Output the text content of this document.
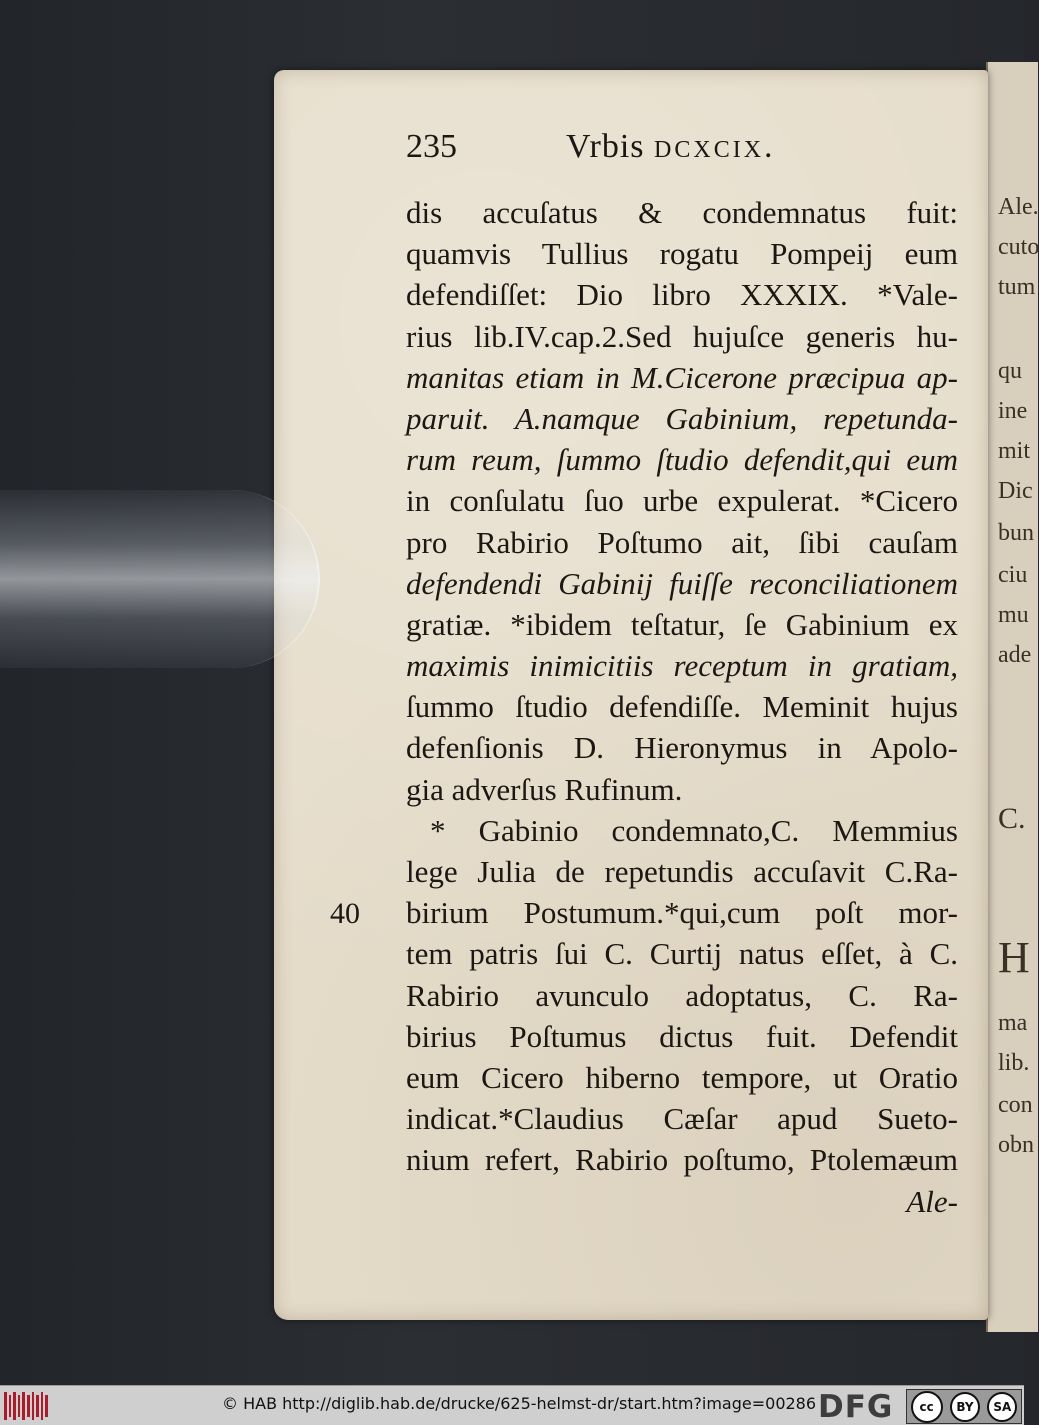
Ale.
cuto
tum
qu
ine
mit
Dic
bun
ciu
mu
ade
C.
H
ma
lib.
con
obn
235	Vrbis dcxcix.
dis accuſatus & condemnatus fuit:
quamvis Tullius rogatu Pompeij eum
defendiſſet: Dio libro XXXIX. *Vale-
rius lib.IV.cap.2.Sed hujuſce generis hu-
manitas etiam in M.Cicerone præcipua ap-
paruit. A.namque Gabinium, repetunda-
rum reum, ſummo ſtudio defendit,qui eum
in conſulatu ſuo urbe expulerat. *Cicero
pro Rabirio Poſtumo ait, ſibi cauſam
defendendi Gabinij fuiſſe reconciliationem
gratiæ. *ibidem teſtatur, ſe Gabinium ex
maximis inimicitiis receptum in gratiam,
ſummo ſtudio defendiſſe. Meminit hujus
defenſionis D. Hieronymus in Apolo-
gia adverſus Rufinum.
* Gabinio condemnato,C. Memmius
lege Julia de repetundis accuſavit C.Ra-
birium Postumum.*qui,cum poſt mor-
tem patris ſui C. Curtij natus eſſet, à C.
Rabirio avunculo adoptatus, C. Ra-
birius Poſtumus dictus fuit. Defendit
eum Cicero hiberno tempore, ut Oratio
indicat.*Claudius Cæſar apud Sueto-
nium refert, Rabirio poſtumo, Ptolemæum
Ale-
40
© HAB http://diglib.hab.de/drucke/625-helmst-dr/start.htm?image=00286 DFG	cc	BY	SA
